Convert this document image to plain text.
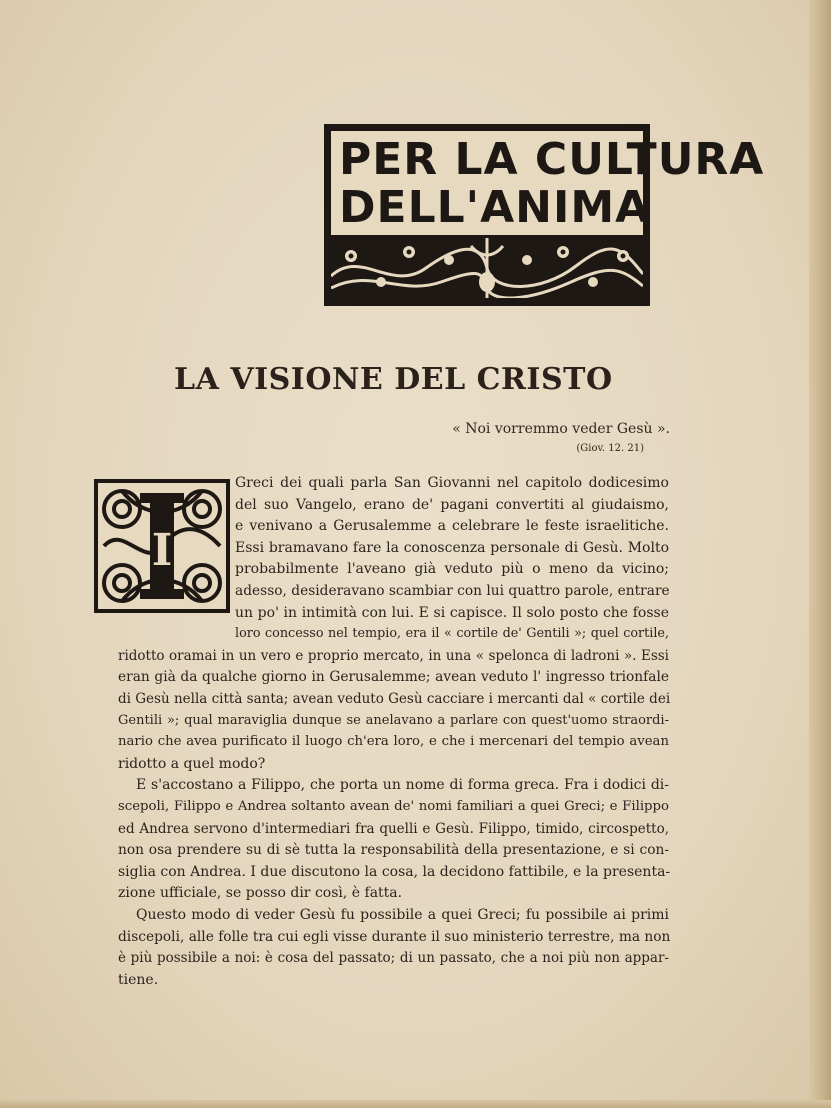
PER LA CULTURA
DELL'ANIMA
LA VISIONE DEL CRISTO
« Noi vorremmo veder Gesù ».
(Giov. 12. 21)
I
Greci dei quali parla San Giovanni nel capitolo dodicesimo
del suo Vangelo, erano de' pagani convertiti al giudaismo,
e venivano a Gerusalemme a celebrare le feste israelitiche.
Essi bramavano fare la conoscenza personale di Gesù. Molto
probabilmente l'aveano già veduto più o meno da vicino;
adesso, desideravano scambiar con lui quattro parole, entrare
un po' in intimità con lui. E si capisce. Il solo posto che fosse
loro concesso nel tempio, era il « cortile de' Gentili »; quel cortile,
ridotto oramai in un vero e proprio mercato, in una « spelonca di ladroni ». Essi
eran già da qualche giorno in Gerusalemme; avean veduto l' ingresso trionfale
di Gesù nella città santa; avean veduto Gesù cacciare i mercanti dal « cortile dei
Gentili »; qual maraviglia dunque se anelavano a parlare con quest'uomo straordi-
nario che avea purificato il luogo ch'era loro, e che i mercenari del tempio avean
ridotto a quel modo?
E s'accostano a Filippo, che porta un nome di forma greca. Fra i dodici di-
scepoli, Filippo e Andrea soltanto avean de' nomi familiari a quei Greci; e Filippo
ed Andrea servono d'intermediari fra quelli e Gesù. Filippo, timido, circospetto,
non osa prendere su di sè tutta la responsabilità della presentazione, e si con-
siglia con Andrea. I due discutono la cosa, la decidono fattibile, e la presenta-
zione ufficiale, se posso dir così, è fatta.
Questo modo di veder Gesù fu possibile a quei Greci; fu possibile ai primi
discepoli, alle folle tra cui egli visse durante il suo ministerio terrestre, ma non
è più possibile a noi: è cosa del passato; di un passato, che a noi più non appar-
tiene.
